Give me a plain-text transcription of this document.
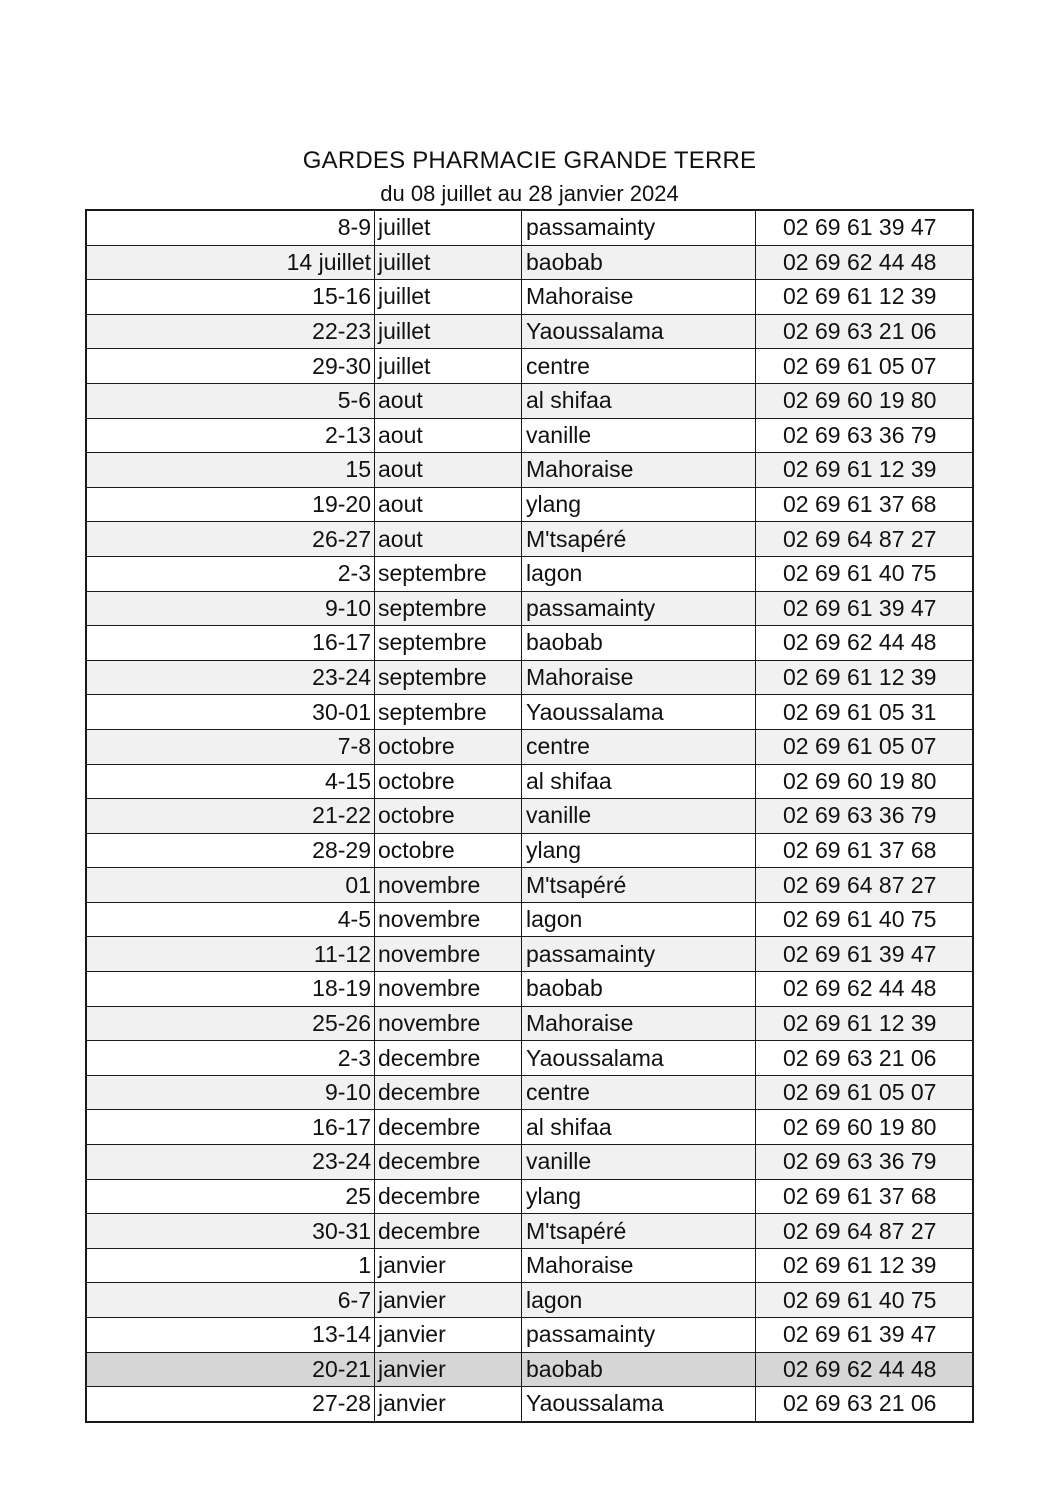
GARDES PHARMACIE GRANDE TERRE
du 08 juillet au 28 janvier 2024
8-9	juillet	passamainty	02 69 61 39 47
14 juillet	juillet	baobab	02 69 62 44 48
15-16	juillet	Mahoraise	02 69 61 12 39
22-23	juillet	Yaoussalama	02 69 63 21 06
29-30	juillet	centre	02 69 61 05 07
5-6	aout	al shifaa	02 69 60 19 80
2-13	aout	vanille	02 69 63 36 79
15	aout	Mahoraise	02 69 61 12 39
19-20	aout	ylang	02 69 61 37 68
26-27	aout	M'tsapéré	02 69 64 87 27
2-3	septembre	lagon	02 69 61 40 75
9-10	septembre	passamainty	02 69 61 39 47
16-17	septembre	baobab	02 69 62 44 48
23-24	septembre	Mahoraise	02 69 61 12 39
30-01	septembre	Yaoussalama	02 69 61 05 31
7-8	octobre	centre	02 69 61 05 07
4-15	octobre	al shifaa	02 69 60 19 80
21-22	octobre	vanille	02 69 63 36 79
28-29	octobre	ylang	02 69 61 37 68
01	novembre	M'tsapéré	02 69 64 87 27
4-5	novembre	lagon	02 69 61 40 75
11-12	novembre	passamainty	02 69 61 39 47
18-19	novembre	baobab	02 69 62 44 48
25-26	novembre	Mahoraise	02 69 61 12 39
2-3	decembre	Yaoussalama	02 69 63 21 06
9-10	decembre	centre	02 69 61 05 07
16-17	decembre	al shifaa	02 69 60 19 80
23-24	decembre	vanille	02 69 63 36 79
25	decembre	ylang	02 69 61 37 68
30-31	decembre	M'tsapéré	02 69 64 87 27
1	janvier	Mahoraise	02 69 61 12 39
6-7	janvier	lagon	02 69 61 40 75
13-14	janvier	passamainty	02 69 61 39 47
20-21	janvier	baobab	02 69 62 44 48
27-28	janvier	Yaoussalama	02 69 63 21 06
